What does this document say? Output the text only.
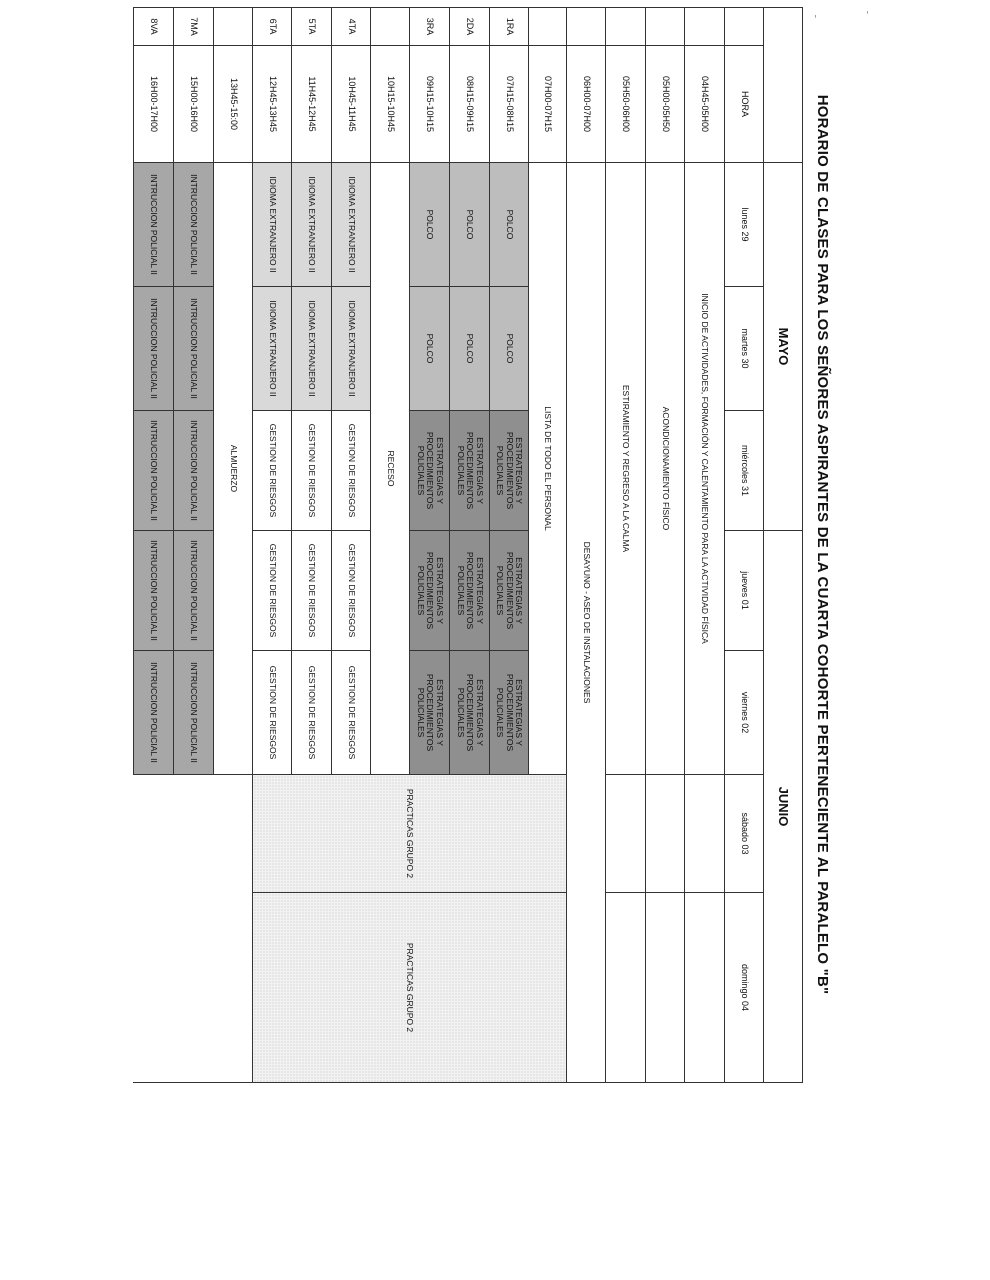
'	'
HORARIO DE CLASES PARA LOS SEÑORES ASPIRANTES DE LA CUARTA COHORTE PERTENECIENTE AL PARALELO "B"
		MAYO			JUNIO				
	HORA	lunes 29	martes 30	miércoles 31	jueves 01	viernes 02	sábado 03	domingo 04	
	04H45-05H00	INICIO DE ACTIVIDADES, FORMACIÓN Y CALENTAMIENTO PARA LA ACTIVIDAD FÍSICA							
	05H00-05H50	ACONDICIONAMIENTO FÍSICO							
	05H50-06H00	ESTIRAMIENTO Y REGRESO A LA CALMA							
	06H00-07H00	DESAYUNO - ASEO DE INSTALACIONES							
	07H00-07H15	LISTA DE TODO EL PERSONAL					PRACTICAS GRUPO 2	PRACTICAS GRUPO 2	
1RA	07H15-08H15	POLCO	POLCO	ESTRATEGIAS Y PROCEDIMIENTOS POLICIALES	ESTRATEGIAS Y PROCEDIMIENTOS POLICIALES	ESTRATEGIAS Y PROCEDIMIENTOS POLICIALES			
2DA	08H15-09H15	POLCO	POLCO	ESTRATEGIAS Y PROCEDIMIENTOS POLICIALES	ESTRATEGIAS Y PROCEDIMIENTOS POLICIALES	ESTRATEGIAS Y PROCEDIMIENTOS POLICIALES			
3RA	09H15-10H15	POLCO	POLCO	ESTRATEGIAS Y PROCEDIMIENTOS POLICIALES	ESTRATEGIAS Y PROCEDIMIENTOS POLICIALES	ESTRATEGIAS Y PROCEDIMIENTOS POLICIALES			
	10H15-10H45	RECESO							
4TA	10H45-11H45	IDIOMA EXTRANJERO II	IDIOMA EXTRANJERO II	GESTION DE RIESGOS	GESTION DE RIESGOS	GESTION DE RIESGOS			
5TA	11H45-12H45	IDIOMA EXTRANJERO II	IDIOMA EXTRANJERO II	GESTION DE RIESGOS	GESTION DE RIESGOS	GESTION DE RIESGOS			
6TA	12H45-13H45	IDIOMA EXTRANJERO II	IDIOMA EXTRANJERO II	GESTION DE RIESGOS	GESTION DE RIESGOS	GESTION DE RIESGOS			
	13H45-15:00	ALMUERZO							
7MA	15H00-16H00	INTRUCCION POLICIAL II	INTRUCCION POLICIAL II	INTRUCCION POLICIAL II	INTRUCCION POLICIAL II	INTRUCCION POLICIAL II			
8VA	16H00-17H00	INTRUCCION POLICIAL II	INTRUCCION POLICIAL II	INTRUCCION POLICIAL II	INTRUCCION POLICIAL II	INTRUCCION POLICIAL II			
